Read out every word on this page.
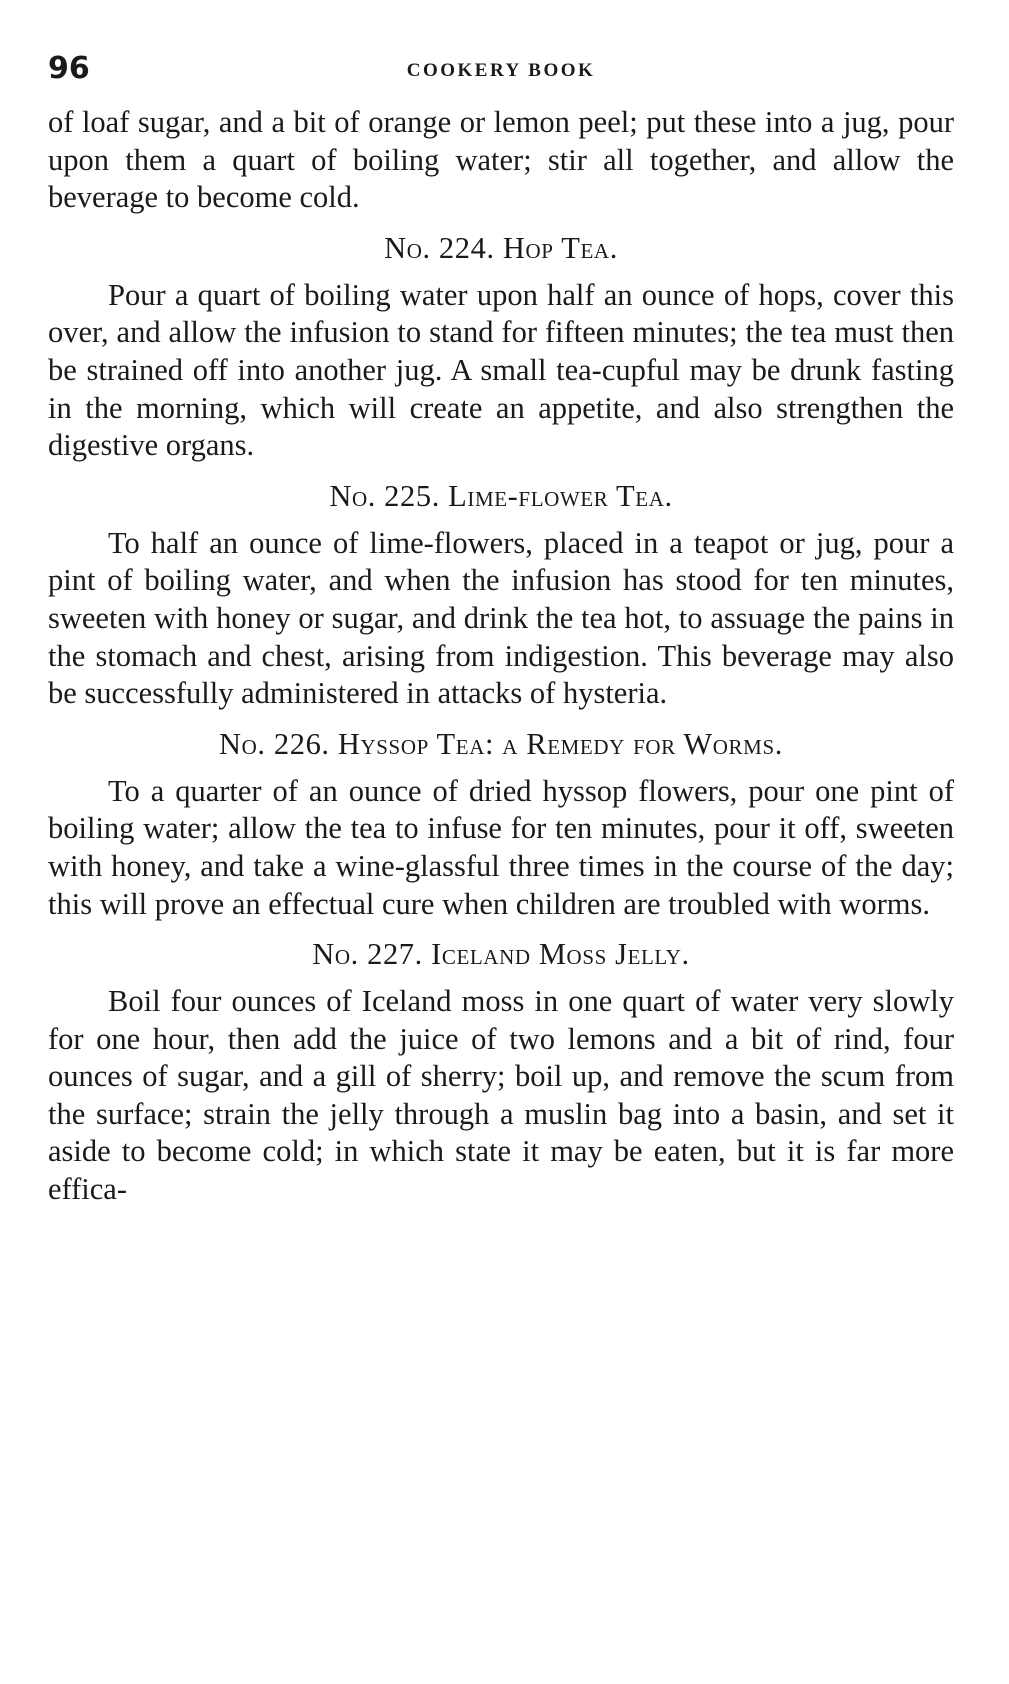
96	COOKERY BOOK

of loaf sugar, and a bit of orange or lemon peel; put these into a jug, pour upon them a quart of boiling water; stir all together, and allow the beverage to become cold.

No. 224. Hop Tea.

Pour a quart of boiling water upon half an ounce of hops, cover this over, and allow the infusion to stand for fifteen minutes; the tea must then be strained off into another jug. A small tea-cupful may be drunk fasting in the morning, which will create an appetite, and also strengthen the digestive organs.

No. 225. Lime-flower Tea.

To half an ounce of lime-flowers, placed in a teapot or jug, pour a pint of boiling water, and when the infusion has stood for ten minutes, sweeten with honey or sugar, and drink the tea hot, to assuage the pains in the stomach and chest, arising from indigestion. This beverage may also be successfully administered in attacks of hysteria.

No. 226. Hyssop Tea: a Remedy for Worms.

To a quarter of an ounce of dried hyssop flowers, pour one pint of boiling water; allow the tea to infuse for ten minutes, pour it off, sweeten with honey, and take a wine-glassful three times in the course of the day; this will prove an effectual cure when children are troubled with worms.

No. 227. Iceland Moss Jelly.

Boil four ounces of Iceland moss in one quart of water very slowly for one hour, then add the juice of two lemons and a bit of rind, four ounces of sugar, and a gill of sherry; boil up, and remove the scum from the surface; strain the jelly through a muslin bag into a basin, and set it aside to become cold; in which state it may be eaten, but it is far more effica-
